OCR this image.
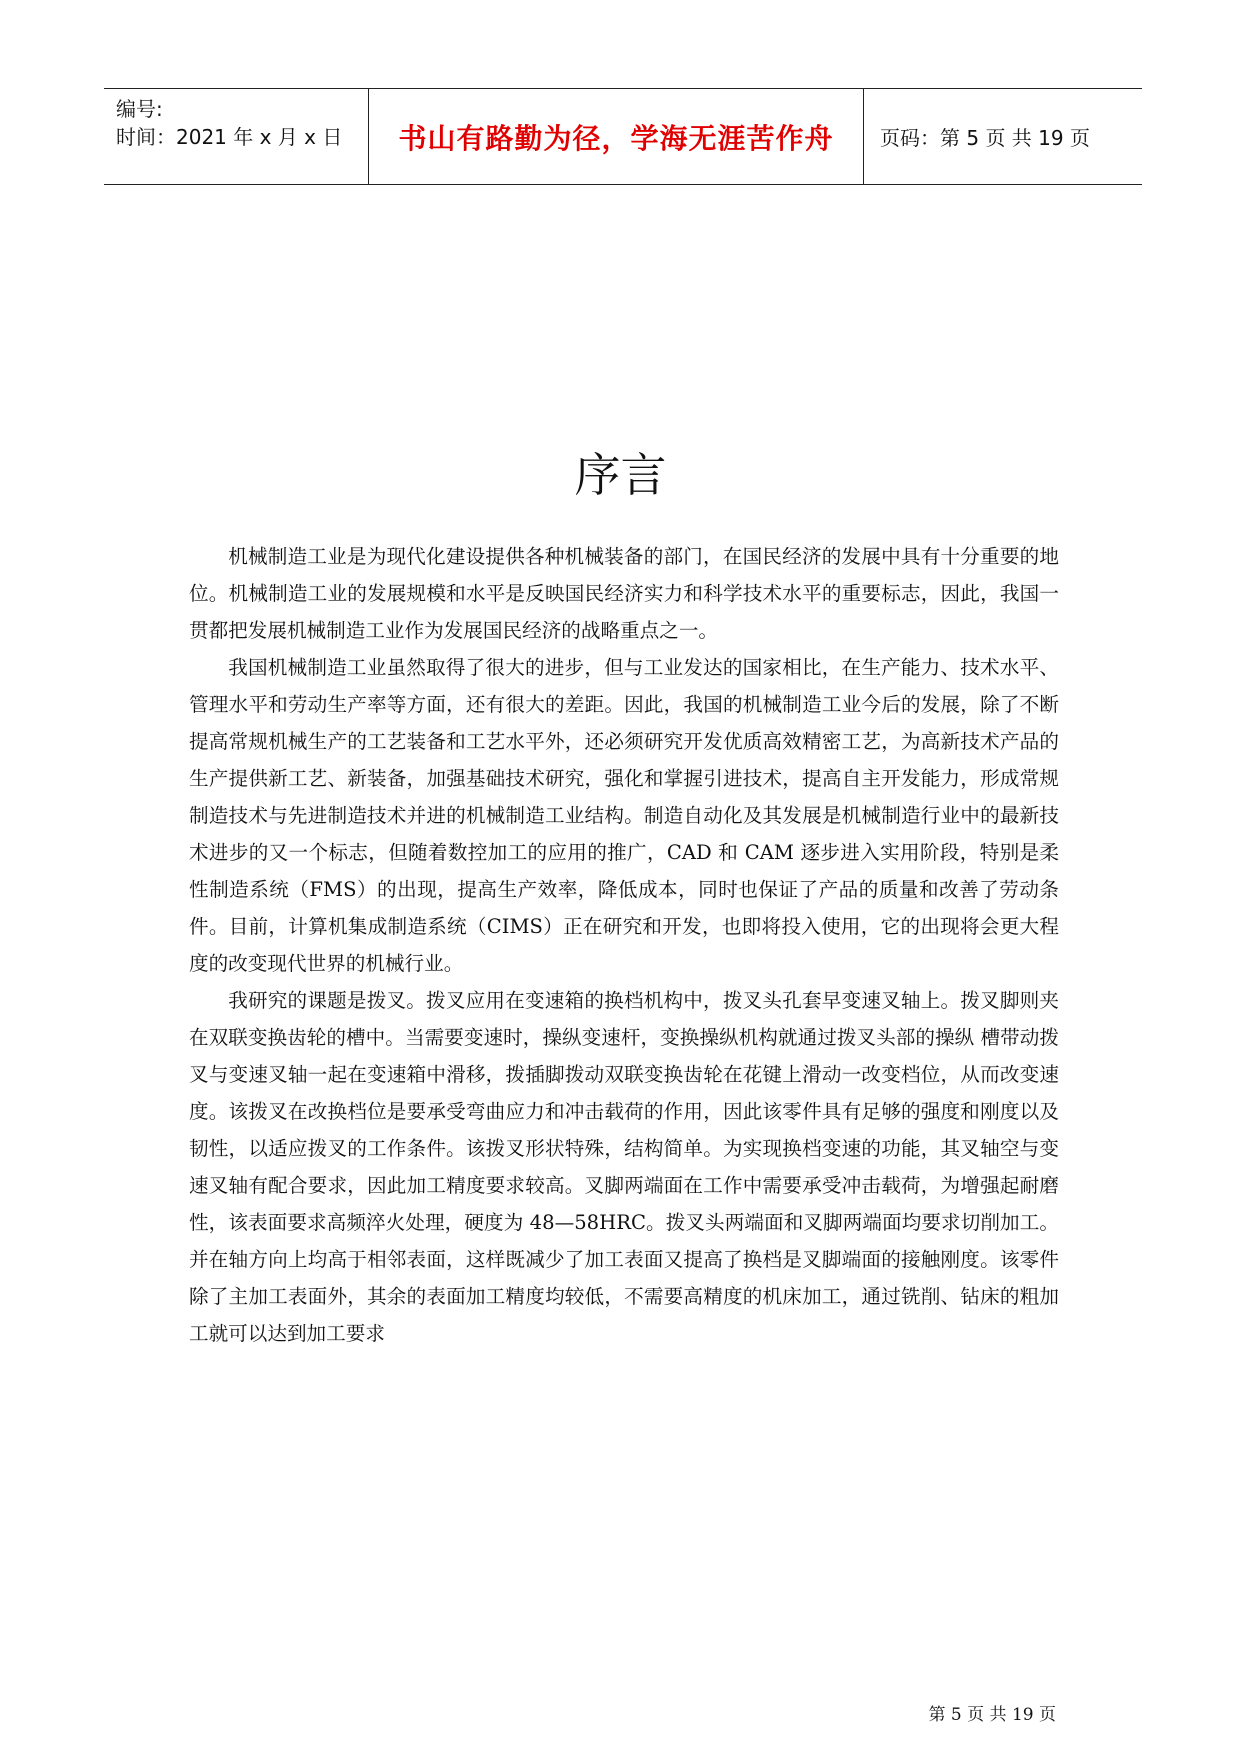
编号:
时间：2021 年 x 月 x 日 书山有路勤为径，学海无涯苦作舟 页码：第 5 页 共 19 页
序言

机械制造工业是为现代化建设提供各种机械装备的部门，在国民经济的发展中具有十分重要的地位。机械制造工业的发展规模和水平是反映国民经济实力和科学技术水平的重要标志，因此，我国一贯都把发展机械制造工业作为发展国民经济的战略重点之一。

我国机械制造工业虽然取得了很大的进步，但与工业发达的国家相比，在生产能力、技术水平、管理水平和劳动生产率等方面，还有很大的差距。因此，我国的机械制造工业今后的发展，除了不断提高常规机械生产的工艺装备和工艺水平外，还必须研究开发优质高效精密工艺，为高新技术产品的生产提供新工艺、新装备，加强基础技术研究，强化和掌握引进技术，提高自主开发能力，形成常规制造技术与先进制造技术并进的机械制造工业结构。制造自动化及其发展是机械制造行业中的最新技术进步的又一个标志，但随着数控加工的应用的推广，CAD 和 CAM 逐步进入实用阶段，特别是柔性制造系统（FMS）的出现，提高生产效率，降低成本，同时也保证了产品的质量和改善了劳动条件。目前，计算机集成制造系统（CIMS）正在研究和开发，也即将投入使用，它的出现将会更大程度的改变现代世界的机械行业。

我研究的课题是拨叉。拨叉应用在变速箱的换档机构中，拨叉头孔套早变速叉轴上。拨叉脚则夹在双联变换齿轮的槽中。当需要变速时，操纵变速杆，变换操纵机构就通过拨叉头部的操纵 槽带动拨叉与变速叉轴一起在变速箱中滑移，拨插脚拨动双联变换齿轮在花键上滑动一改变档位，从而改变速度。该拨叉在改换档位是要承受弯曲应力和冲击载荷的作用，因此该零件具有足够的强度和刚度以及韧性，以适应拨叉的工作条件。该拨叉形状特殊，结构简单。为实现换档变速的功能，其叉轴空与变速叉轴有配合要求，因此加工精度要求较高。叉脚两端面在工作中需要承受冲击载荷，为增强起耐磨性，该表面要求高频淬火处理，硬度为 48—58HRC。拨叉头两端面和叉脚两端面均要求切削加工。并在轴方向上均高于相邻表面，这样既减少了加工表面又提高了换档是叉脚端面的接触刚度。该零件除了主加工表面外，其余的表面加工精度均较低，不需要高精度的机床加工，通过铣削、钻床的粗加工就可以达到加工要求

第 5 页 共 19 页
